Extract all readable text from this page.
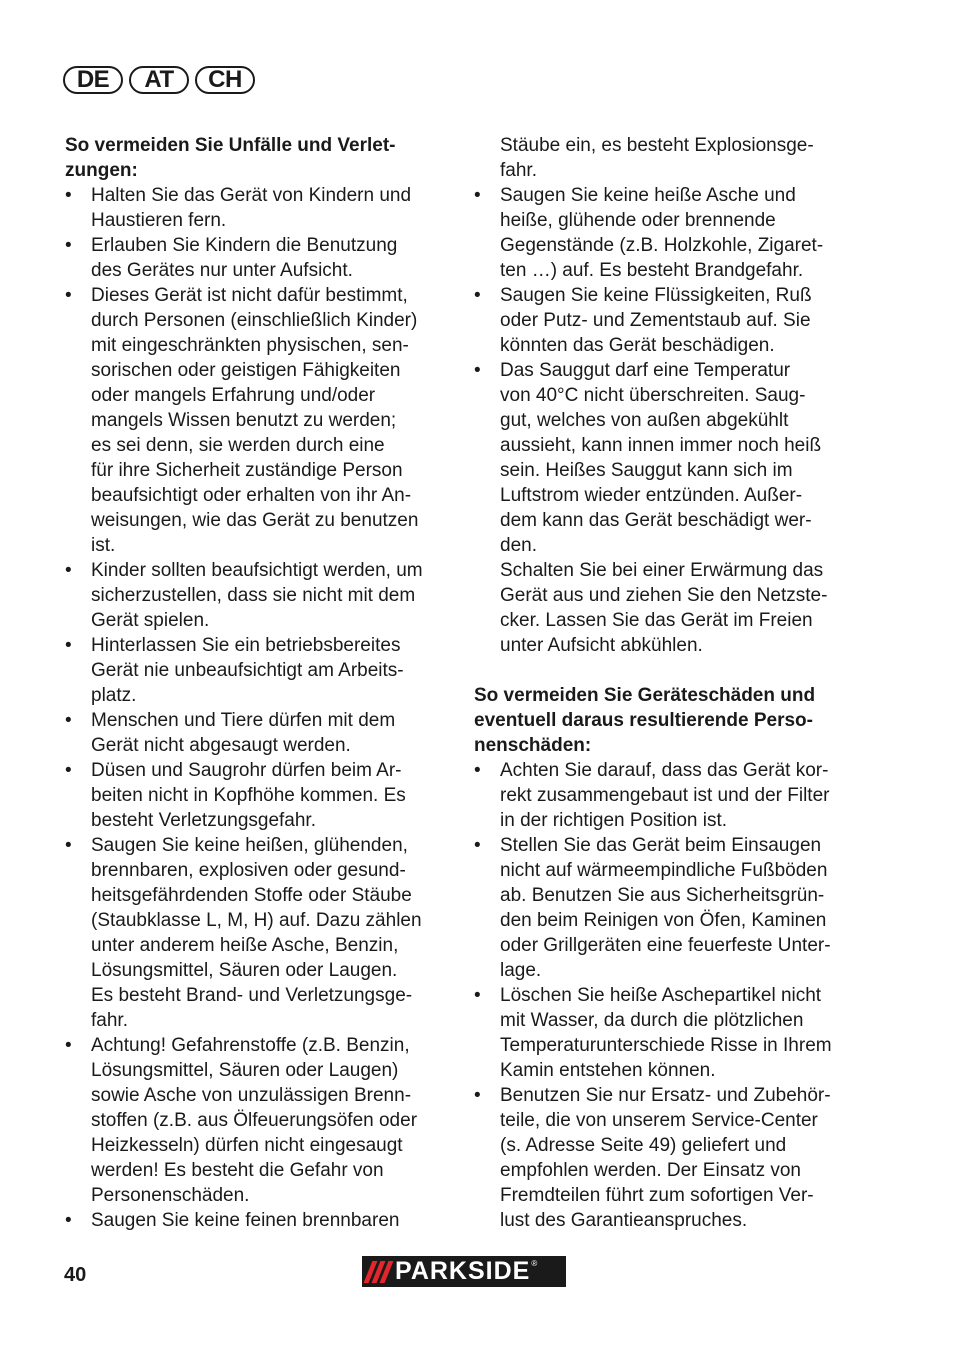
DE	AT	CH
So vermeiden Sie Unfälle und Verlet-
zungen:
• Halten Sie das Gerät von Kindern und
Haustieren fern.
• Erlauben Sie Kindern die Benutzung
des Gerätes nur unter Aufsicht.
• Dieses Gerät ist nicht dafür bestimmt,
durch Personen (einschließlich Kinder)
mit eingeschränkten physischen, sen-
sorischen oder geistigen Fähigkeiten
oder mangels Erfahrung und/oder
mangels Wissen benutzt zu werden;
es sei denn, sie werden durch eine
für ihre Sicherheit zuständige Person
beaufsichtigt oder erhalten von ihr An-
weisungen, wie das Gerät zu benutzen
ist.
• Kinder sollten beaufsichtigt werden, um
sicherzustellen, dass sie nicht mit dem
Gerät spielen.
• Hinterlassen Sie ein betriebsbereites
Gerät nie unbeaufsichtigt am Arbeits-
platz.
• Menschen und Tiere dürfen mit dem
Gerät nicht abgesaugt werden.
• Düsen und Saugrohr dürfen beim Ar-
beiten nicht in Kopfhöhe kommen. Es
besteht Verletzungsgefahr.
• Saugen Sie keine heißen, glühenden,
brennbaren, explosiven oder gesund-
heitsgefährdenden Stoffe oder Stäube
(Staubklasse L, M, H) auf. Dazu zählen
unter anderem heiße Asche, Benzin,
Lösungsmittel, Säuren oder Laugen.
Es besteht Brand- und Verletzungsge-
fahr.
• Achtung! Gefahrenstoffe (z.B. Benzin,
Lösungsmittel, Säuren oder Laugen)
sowie Asche von unzulässigen Brenn-
stoffen (z.B. aus Ölfeuerungsöfen oder
Heizkesseln) dürfen nicht eingesaugt
werden! Es besteht die Gefahr von
Personenschäden.
• Saugen Sie keine feinen brennbaren
Stäube ein, es besteht Explosionsge-
fahr.
• Saugen Sie keine heiße Asche und
heiße, glühende oder brennende
Gegenstände (z.B. Holzkohle, Zigaret-
ten …) auf. Es besteht Brandgefahr.
• Saugen Sie keine Flüssigkeiten, Ruß
oder Putz- und Zementstaub auf. Sie
könnten das Gerät beschädigen.
• Das Sauggut darf eine Temperatur
von 40°C nicht überschreiten. Saug-
gut, welches von außen abgekühlt
aussieht, kann innen immer noch heiß
sein. Heißes Sauggut kann sich im
Luftstrom wieder entzünden. Außer-
dem kann das Gerät beschädigt wer-
den.
Schalten Sie bei einer Erwärmung das
Gerät aus und ziehen Sie den Netzste-
cker. Lassen Sie das Gerät im Freien
unter Aufsicht abkühlen.
So vermeiden Sie Geräteschäden und
eventuell daraus resultierende Perso-
nenschäden:
• Achten Sie darauf, dass das Gerät kor-
rekt zusammengebaut ist und der Filter
in der richtigen Position ist.
• Stellen Sie das Gerät beim Einsaugen
nicht auf wärmeempindliche Fußböden
ab. Benutzen Sie aus Sicherheitsgrün-
den beim Reinigen von Öfen, Kaminen
oder Grillgeräten eine feuerfeste Unter-
lage.
• Löschen Sie heiße Aschepartikel nicht
mit Wasser, da durch die plötzlichen
Temperaturunterschiede Risse in Ihrem
Kamin entstehen können.
• Benutzen Sie nur Ersatz- und Zubehör-
teile, die von unserem Service-Center
(s. Adresse Seite 49) geliefert und
empfohlen werden. Der Einsatz von
Fremdteilen führt zum sofortigen Ver-
lust des Garantieanspruches.
40	PARKSIDE ®
